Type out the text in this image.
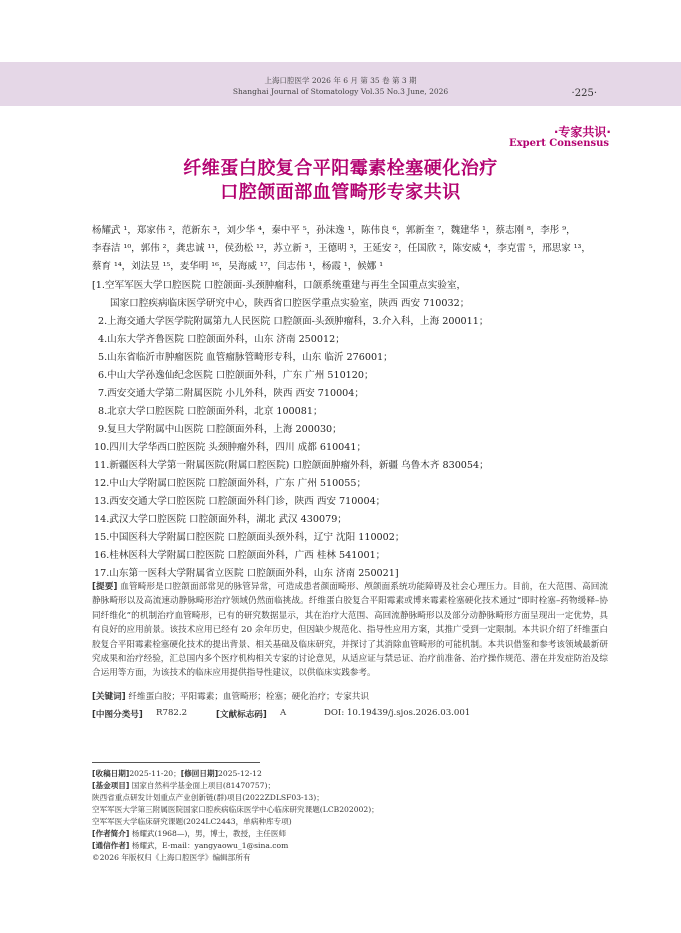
上海口腔医学 2026 年 6 月 第 35 卷 第 3 期
Shanghai Journal of Stomatology Vol.35 No.3 June, 2026	·225·
·专家共识·
Expert Consensus
纤维蛋白胶复合平阳霉素栓塞硬化治疗
口腔颌面部血管畸形专家共识
杨耀武 ¹，郑家伟 ²，范新东 ³，刘少华 ⁴，秦中平 ⁵，孙沫逸 ¹，陈伟良 ⁶，郭新奎 ⁷，魏建华 ¹，蔡志刚 ⁸，李彤 ⁹，
李春洁 ¹⁰，郭伟 ²，龚忠诚 ¹¹，侯劲松 ¹²，苏立新 ³，王德明 ³，王延安 ²，任国欣 ²，陈安威 ⁴，李克雷 ⁵，邢思家 ¹³，
蔡育 ¹⁴，刘法昱 ¹⁵，麦华明 ¹⁶，吴海威 ¹⁷，闫志伟 ¹，杨霞 ¹，候娜 ¹
[1.空军军医大学口腔医院 口腔颌面-头颈肿瘤科，口颌系统重建与再生全国重点实验室，
国家口腔疾病临床医学研究中心，陕西省口腔医学重点实验室，陕西 西安 710032；
2.上海交通大学医学院附属第九人民医院 口腔颌面-头颈肿瘤科，3.介入科，上海 200011；
4.山东大学齐鲁医院 口腔颌面外科，山东 济南 250012；
5.山东省临沂市肿瘤医院 血管瘤脉管畸形专科，山东 临沂 276001；
6.中山大学孙逸仙纪念医院 口腔颌面外科，广东 广州 510120；
7.西安交通大学第二附属医院 小儿外科，陕西 西安 710004；
8.北京大学口腔医院 口腔颌面外科，北京 100081；
9.复旦大学附属中山医院 口腔颌面外科，上海 200030；
10.四川大学华西口腔医院 头颈肿瘤外科，四川 成都 610041；
11.新疆医科大学第一附属医院(附属口腔医院) 口腔颌面肿瘤外科，新疆 乌鲁木齐 830054；
12.中山大学附属口腔医院 口腔颌面外科，广东 广州 510055；
13.西安交通大学口腔医院 口腔颌面外科门诊，陕西 西安 710004；
14.武汉大学口腔医院 口腔颌面外科，湖北 武汉 430079；
15.中国医科大学附属口腔医院 口腔颌面头颈外科，辽宁 沈阳 110002；
16.桂林医科大学附属口腔医院 口腔颌面外科，广西 桂林 541001；
17.山东第一医科大学附属省立医院 口腔颌面外科，山东 济南 250021]
[提要] 血管畸形是口腔颌面部常见的脉管异常，可造成患者颜面畸形、颅颌面系统功能障碍及社会心理压力。目前，在大范围、高回流静脉畸形以及高流速动静脉畸形治疗领域仍然面临挑战。纤维蛋白胶复合平阳霉素或博来霉素栓塞硬化技术通过“即时栓塞–药物缓释–协同纤维化”的机制治疗血管畸形，已有的研究数据显示，其在治疗大范围、高回流静脉畸形以及部分动静脉畸形方面呈现出一定优势，具有良好的应用前景。该技术应用已经有 20 余年历史，但因缺少规范化、指导性应用方案，其推广受到一定限制。本共识介绍了纤维蛋白胶复合平阳霉素栓塞硬化技术的提出背景、相关基础及临床研究，并探讨了其消除血管畸形的可能机制。本共识借鉴和参考该领域最新研究成果和治疗经验，汇总国内多个医疗机构相关专家的讨论意见，从适应证与禁忌证、治疗前准备、治疗操作规范、潜在并发症防治及综合运用等方面，为该技术的临床应用提供指导性建议，以供临床实践参考。
[关键词] 纤维蛋白胶；平阳霉素；血管畸形；栓塞；硬化治疗；专家共识
[中图分类号] R782.2	[文献标志码] A	DOI: 10.19439/j.sjos.2026.03.001
[收稿日期]2025-11-20；[修回日期]2025-12-12
[基金项目] 国家自然科学基金面上项目(81470757)；
陕西省重点研发计划重点产业创新链(群)项目(2022ZDLSF03-13)；
空军军医大学第三附属医院国家口腔疾病临床医学中心临床研究课题(LCB202002)；
空军军医大学临床研究课题(2024LC2443，单病种库专项)
[作者简介] 杨耀武(1968—)，男，博士，教授，主任医师
[通信作者] 杨耀武，E-mail：yangyaowu_1@sina.com
©2026 年版权归《上海口腔医学》编辑部所有
